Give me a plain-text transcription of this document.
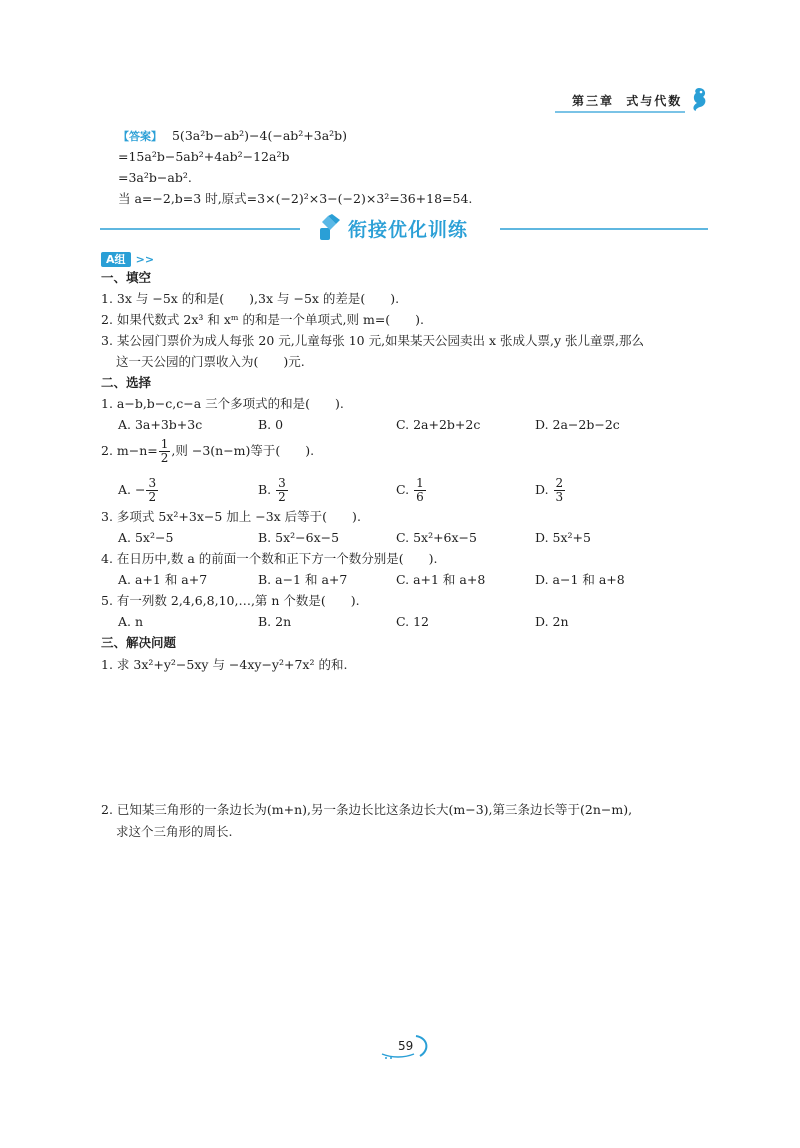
第三章 式与代数
【答案】 5(3a²b−ab²)−4(−ab²+3a²b)
=15a²b−5ab²+4ab²−12a²b
=3a²b−ab².
当 a=−2,b=3 时,原式=3×(−2)²×3−(−2)×3²=36+18=54.
衔接优化训练
A组 >>
一、填空
1. 3x 与 −5x 的和是(　　),3x 与 −5x 的差是(　　).
2. 如果代数式 2x³ 和 xᵐ 的和是一个单项式,则 m=(　　).
3. 某公园门票价为成人每张 20 元,儿童每张 10 元,如果某天公园卖出 x 张成人票,y 张儿童票,那么
这一天公园的门票收入为(　　)元.
二、选择
1. a−b,b−c,c−a 三个多项式的和是(　　).
A. 3a+3b+3c	B. 0	C. 2a+2b+2c	D. 2a−2b−2c
2. $m-n= \frac{1}{2}$ ,则 −3(n−m)等于(　　).
A. − $\frac{3}{2}$	B. $\frac{3}{2}$	C. $\frac{1}{6}$	D. $\frac{2}{3}$
3. 多项式 5x²+3x−5 加上 −3x 后等于(　　).
A. 5x²−5	B. 5x²−6x−5	C. 5x²+6x−5	D. 5x²+5
4. 在日历中,数 a 的前面一个数和正下方一个数分别是(　　).
A. a+1 和 a+7	B. a−1 和 a+7	C. a+1 和 a+8	D. a−1 和 a+8
5. 有一列数 2,4,6,8,10,…,第 n 个数是(　　).
A. n	B. 2n	C. 12	D. 2n
三、解决问题
1. 求 3x²+y²−5xy 与 −4xy−y²+7x² 的和.
2. 已知某三角形的一条边长为(m+n),另一条边长比这条边长大(m−3),第三条边长等于(2n−m),
求这个三角形的周长.
59
